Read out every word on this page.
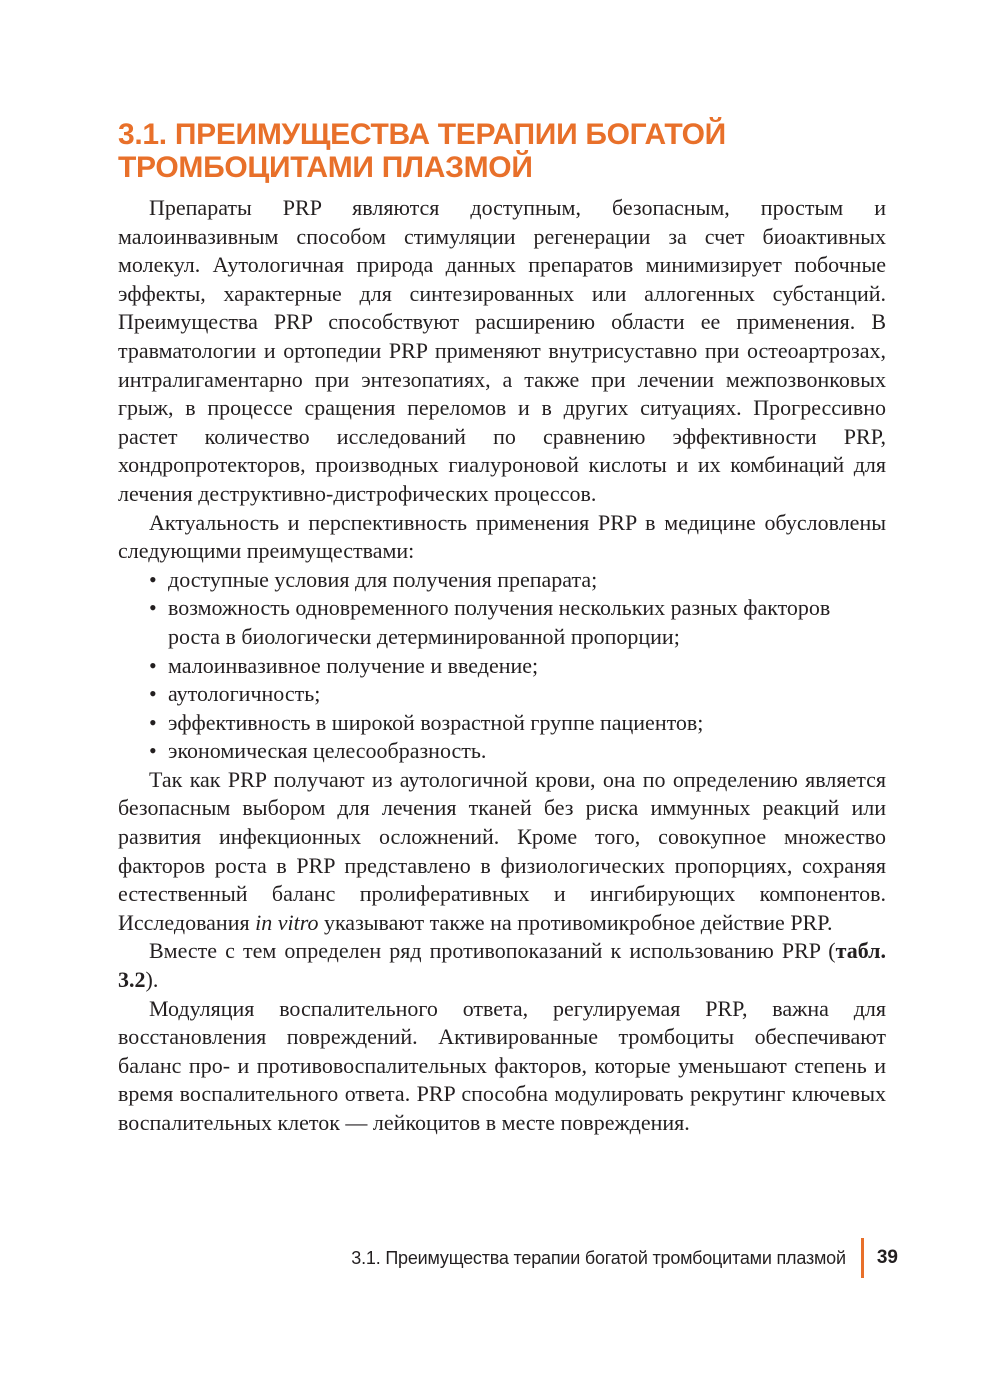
3.1. ПРЕИМУЩЕСТВА ТЕРАПИИ БОГАТОЙ ТРОМБОЦИТАМИ ПЛАЗМОЙ

Препараты PRP являются доступным, безопасным, простым и малоинвазивным способом стимуляции регенерации за счет биоактивных молекул. Аутологичная природа данных препаратов минимизирует побочные эффекты, характерные для синтезированных или аллогенных субстанций. Преимущества PRP способствуют расширению области ее применения. В травматологии и ортопедии PRP применяют внутрисуставно при остеоартрозах, интралигаментарно при энтезопатиях, а также при лечении межпозвонковых грыж, в процессе сращения переломов и в других ситуациях. Прогрессивно растет количество исследований по сравнению эффективности PRP, хондропротекторов, производных гиалуроновой кислоты и их комбинаций для лечения деструктивно-дистрофических процессов.

Актуальность и перспективность применения PRP в медицине обусловлены следующими преимуществами:

• доступные условия для получения препарата;
• возможность одновременного получения нескольких разных факторов роста в биологически детерминированной пропорции;
• малоинвазивное получение и введение;
• аутологичность;
• эффективность в широкой возрастной группе пациентов;
• экономическая целесообразность.

Так как PRP получают из аутологичной крови, она по определению является безопасным выбором для лечения тканей без риска иммунных реакций или развития инфекционных осложнений. Кроме того, совокупное множество факторов роста в PRP представлено в физиологических пропорциях, сохраняя естественный баланс пролиферативных и ингибирующих компонентов. Исследования in vitro указывают также на противомикробное действие PRP.

Вместе с тем определен ряд противопоказаний к использованию PRP (табл. 3.2).

Модуляция воспалительного ответа, регулируемая PRP, важна для восстановления повреждений. Активированные тромбоциты обеспечивают баланс про- и противовоспалительных факторов, которые уменьшают степень и время воспалительного ответа. PRP способна модулировать рекрутинг ключевых воспалительных клеток — лейкоцитов в месте повреждения.

3.1. Преимущества терапии богатой тромбоцитами плазмой	39
